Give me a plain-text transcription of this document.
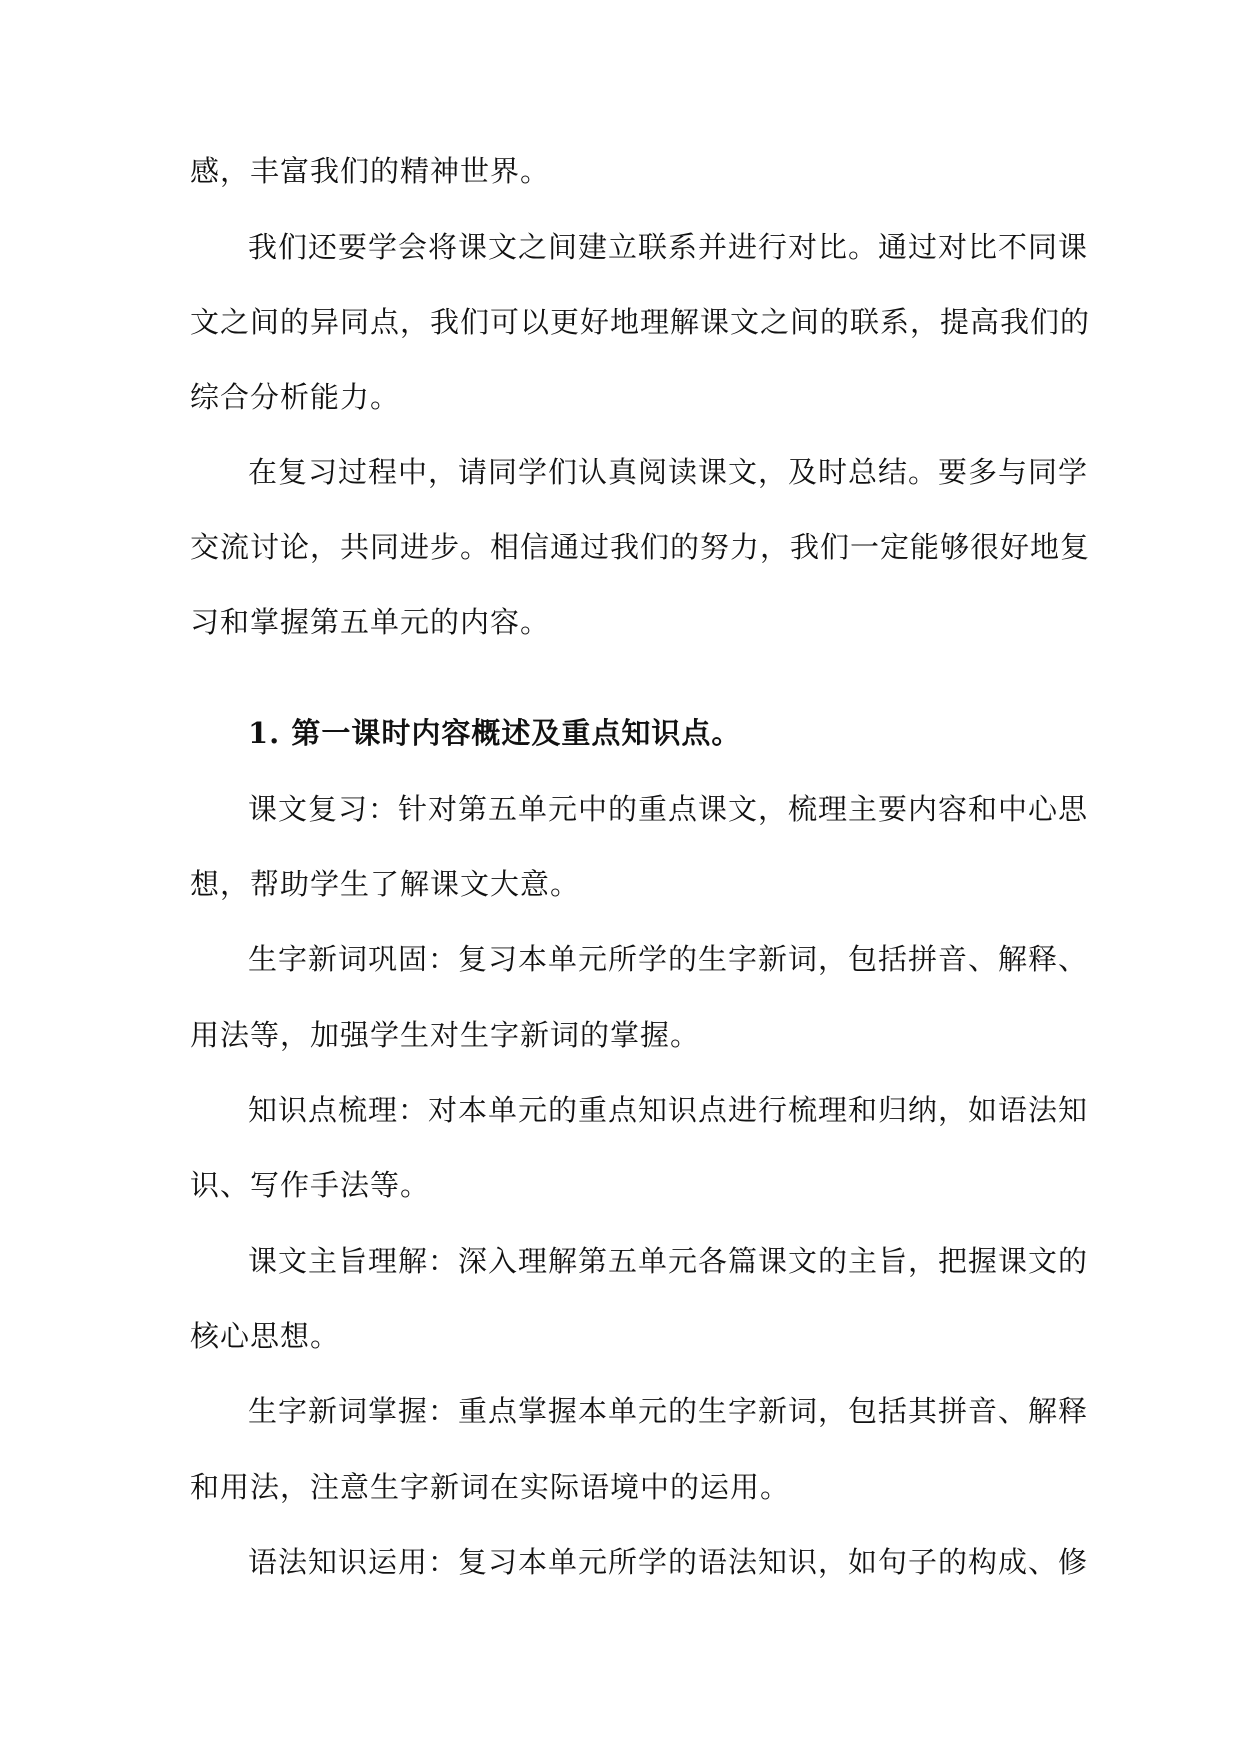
感，丰富我们的精神世界。
我们还要学会将课文之间建立联系并进行对比。通过对比不同课
文之间的异同点，我们可以更好地理解课文之间的联系，提高我们的
综合分析能力。
在复习过程中，请同学们认真阅读课文，及时总结。要多与同学
交流讨论，共同进步。相信通过我们的努力，我们一定能够很好地复
习和掌握第五单元的内容。
1. 第一课时内容概述及重点知识点。
课文复习：针对第五单元中的重点课文，梳理主要内容和中心思
想，帮助学生了解课文大意。
生字新词巩固：复习本单元所学的生字新词，包括拼音、解释、
用法等，加强学生对生字新词的掌握。
知识点梳理：对本单元的重点知识点进行梳理和归纳，如语法知
识、写作手法等。
课文主旨理解：深入理解第五单元各篇课文的主旨，把握课文的
核心思想。
生字新词掌握：重点掌握本单元的生字新词，包括其拼音、解释
和用法，注意生字新词在实际语境中的运用。
语法知识运用：复习本单元所学的语法知识，如句子的构成、修
